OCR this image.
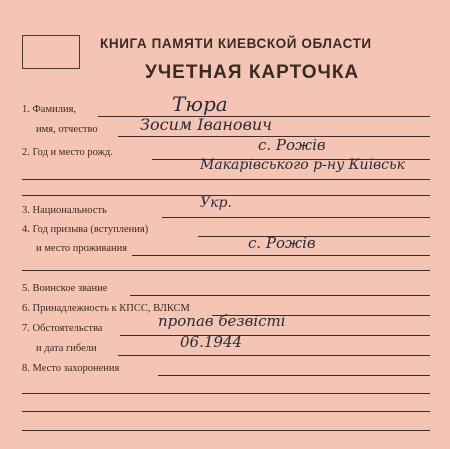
КНИГА ПАМЯТИ КИЕВСКОЙ ОБЛАСТИ
УЧЕТНАЯ КАРТОЧКА
1. Фамилия,	Тюра
имя, отчество	Зосим Іванович
2. Год и место рожд.	с. Рожів
Макарівського р-ну Київськ
3. Национальность	Укр.
4. Год призыва (вступления)
и место проживания	с. Рожів
5. Воинское звание
6. Принадлежность к КПСС, ВЛКСМ
7. Обстоятельства	пропав безвісті
и дата гибели	06.1944
8. Место захоронения
